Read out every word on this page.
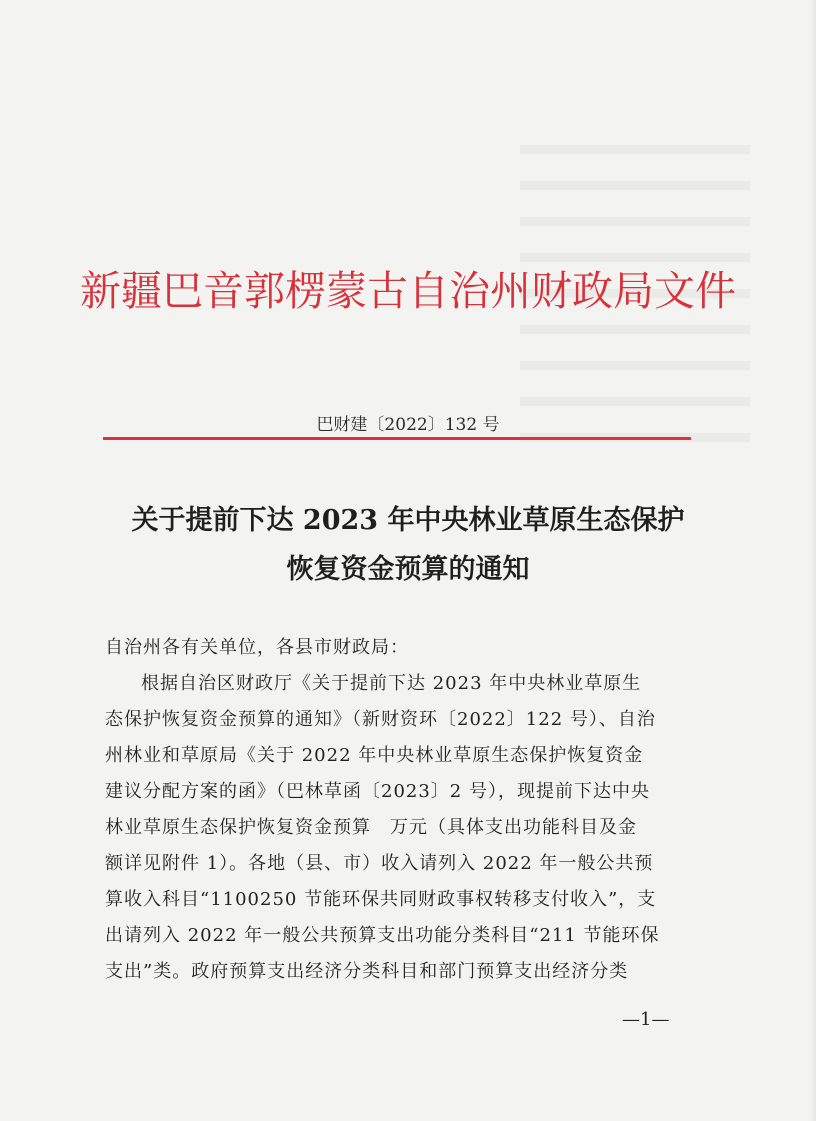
新疆巴音郭楞蒙古自治州财政局文件
巴财建〔2022〕132 号
关于提前下达 2023 年中央林业草原生态保护
恢复资金预算的通知

自治州各有关单位，各县市财政局：

根据自治区财政厅《关于提前下达 2023 年中央林业草原生

态保护恢复资金预算的通知》（新财资环〔2022〕122 号）、自治

州林业和草原局《关于 2022 年中央林业草原生态保护恢复资金

建议分配方案的函》（巴林草函〔2023〕2 号），现提前下达中央

林业草原生态保护恢复资金预算　万元（具体支出功能科目及金

额详见附件 1）。各地（县、市）收入请列入 2022 年一般公共预

算收入科目“1100250 节能环保共同财政事权转移支付收入”，支

出请列入 2022 年一般公共预算支出功能分类科目“211 节能环保

支出”类。政府预算支出经济分类科目和部门预算支出经济分类

—1—
